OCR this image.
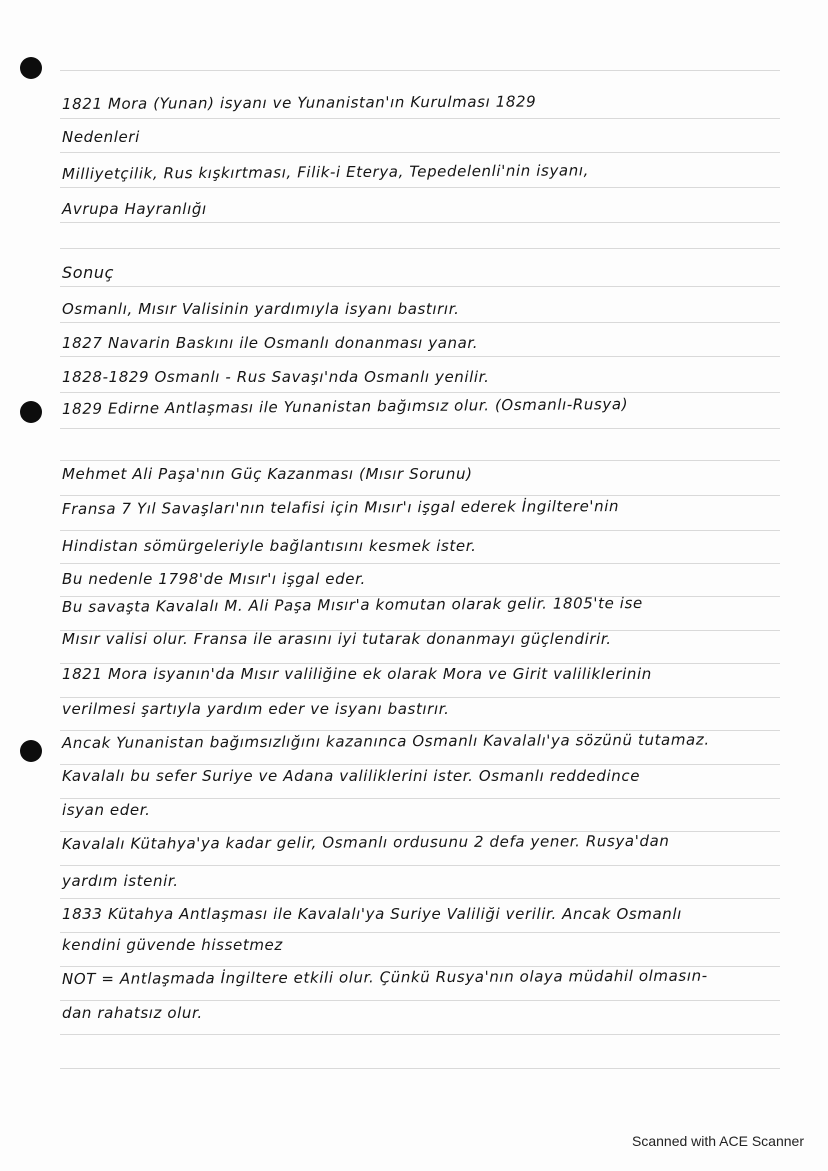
1821 Mora (Yunan) isyanı ve Yunanistan'ın Kurulması 1829
Nedenleri
Milliyetçilik, Rus kışkırtması, Filik-i Eterya, Tepedelenli'nin isyanı,
Avrupa Hayranlığı
Sonuç
Osmanlı, Mısır Valisinin yardımıyla isyanı bastırır.
1827 Navarin Baskını ile Osmanlı donanması yanar.
1828-1829 Osmanlı - Rus Savaşı'nda Osmanlı yenilir.
1829 Edirne Antlaşması ile Yunanistan bağımsız olur. (Osmanlı-Rusya)
Mehmet Ali Paşa'nın Güç Kazanması (Mısır Sorunu)
Fransa 7 Yıl Savaşları'nın telafisi için Mısır'ı işgal ederek İngiltere'nin
Hindistan sömürgeleriyle bağlantısını kesmek ister.
Bu nedenle 1798'de Mısır'ı işgal eder.
Bu savaşta Kavalalı M. Ali Paşa Mısır'a komutan olarak gelir. 1805'te ise
Mısır valisi olur. Fransa ile arasını iyi tutarak donanmayı güçlendirir.
1821 Mora isyanın'da Mısır valiliğine ek olarak Mora ve Girit valiliklerinin
verilmesi şartıyla yardım eder ve isyanı bastırır.
Ancak Yunanistan bağımsızlığını kazanınca Osmanlı Kavalalı'ya sözünü tutamaz.
Kavalalı bu sefer Suriye ve Adana valiliklerini ister. Osmanlı reddedince
isyan eder.
Kavalalı Kütahya'ya kadar gelir, Osmanlı ordusunu 2 defa yener. Rusya'dan
yardım istenir.
1833 Kütahya Antlaşması ile Kavalalı'ya Suriye Valiliği verilir. Ancak Osmanlı
kendini güvende hissetmez
NOT = Antlaşmada İngiltere etkili olur. Çünkü Rusya'nın olaya müdahil olmasın-
dan rahatsız olur.
Scanned with ACE Scanner
